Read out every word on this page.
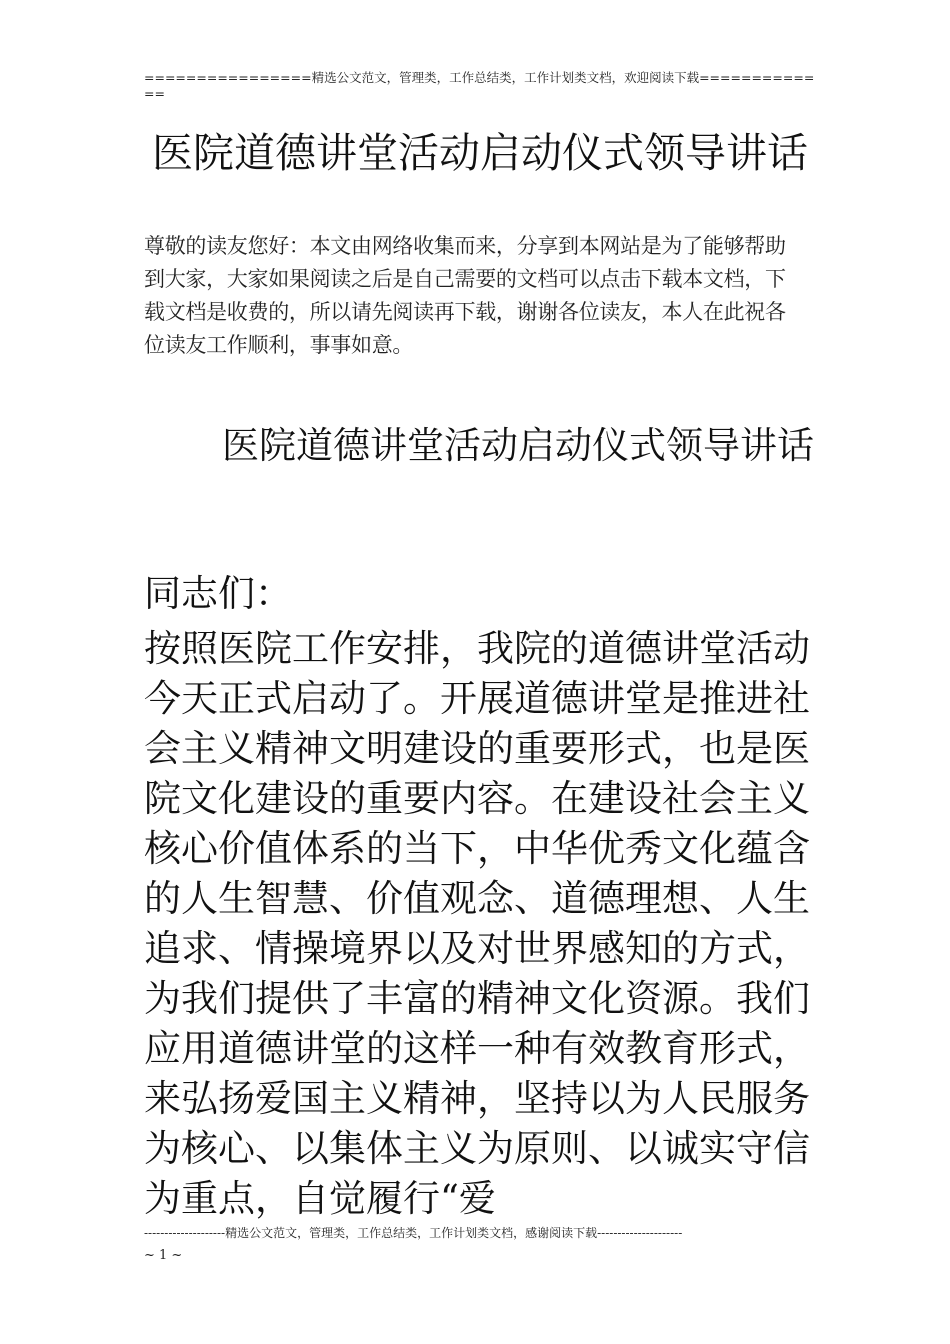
================精选公文范文，管理类，工作总结类，工作计划类文档，欢迎阅读下载=============
医院道德讲堂活动启动仪式领导讲话
尊敬的读友您好：本文由网络收集而来，分享到本网站是为了能够帮助到大家，大家如果阅读之后是自己需要的文档可以点击下载本文档，下载文档是收费的，所以请先阅读再下载，谢谢各位读友，本人在此祝各位读友工作顺利，事事如意。
医院道德讲堂活动启动仪式领导讲话
同志们：
按照医院工作安排，我院的道德讲堂活动今天正式启动了。开展道德讲堂是推进社会主义精神文明建设的重要形式，也是医院文化建设的重要内容。在建设社会主义核心价值体系的当下，中华优秀文化蕴含的人生智慧、价值观念、道德理想、人生追求、情操境界以及对世界感知的方式，为我们提供了丰富的精神文化资源。我们应用道德讲堂的这样一种有效教育形式，来弘扬爱国主义精神，坚持以为人民服务为核心、以集体主义为原则、以诚实守信为重点，自觉履行“爱
--------------------精选公文范文，管理类，工作总结类，工作计划类文档，感谢阅读下载---------------------
~ 1 ~
